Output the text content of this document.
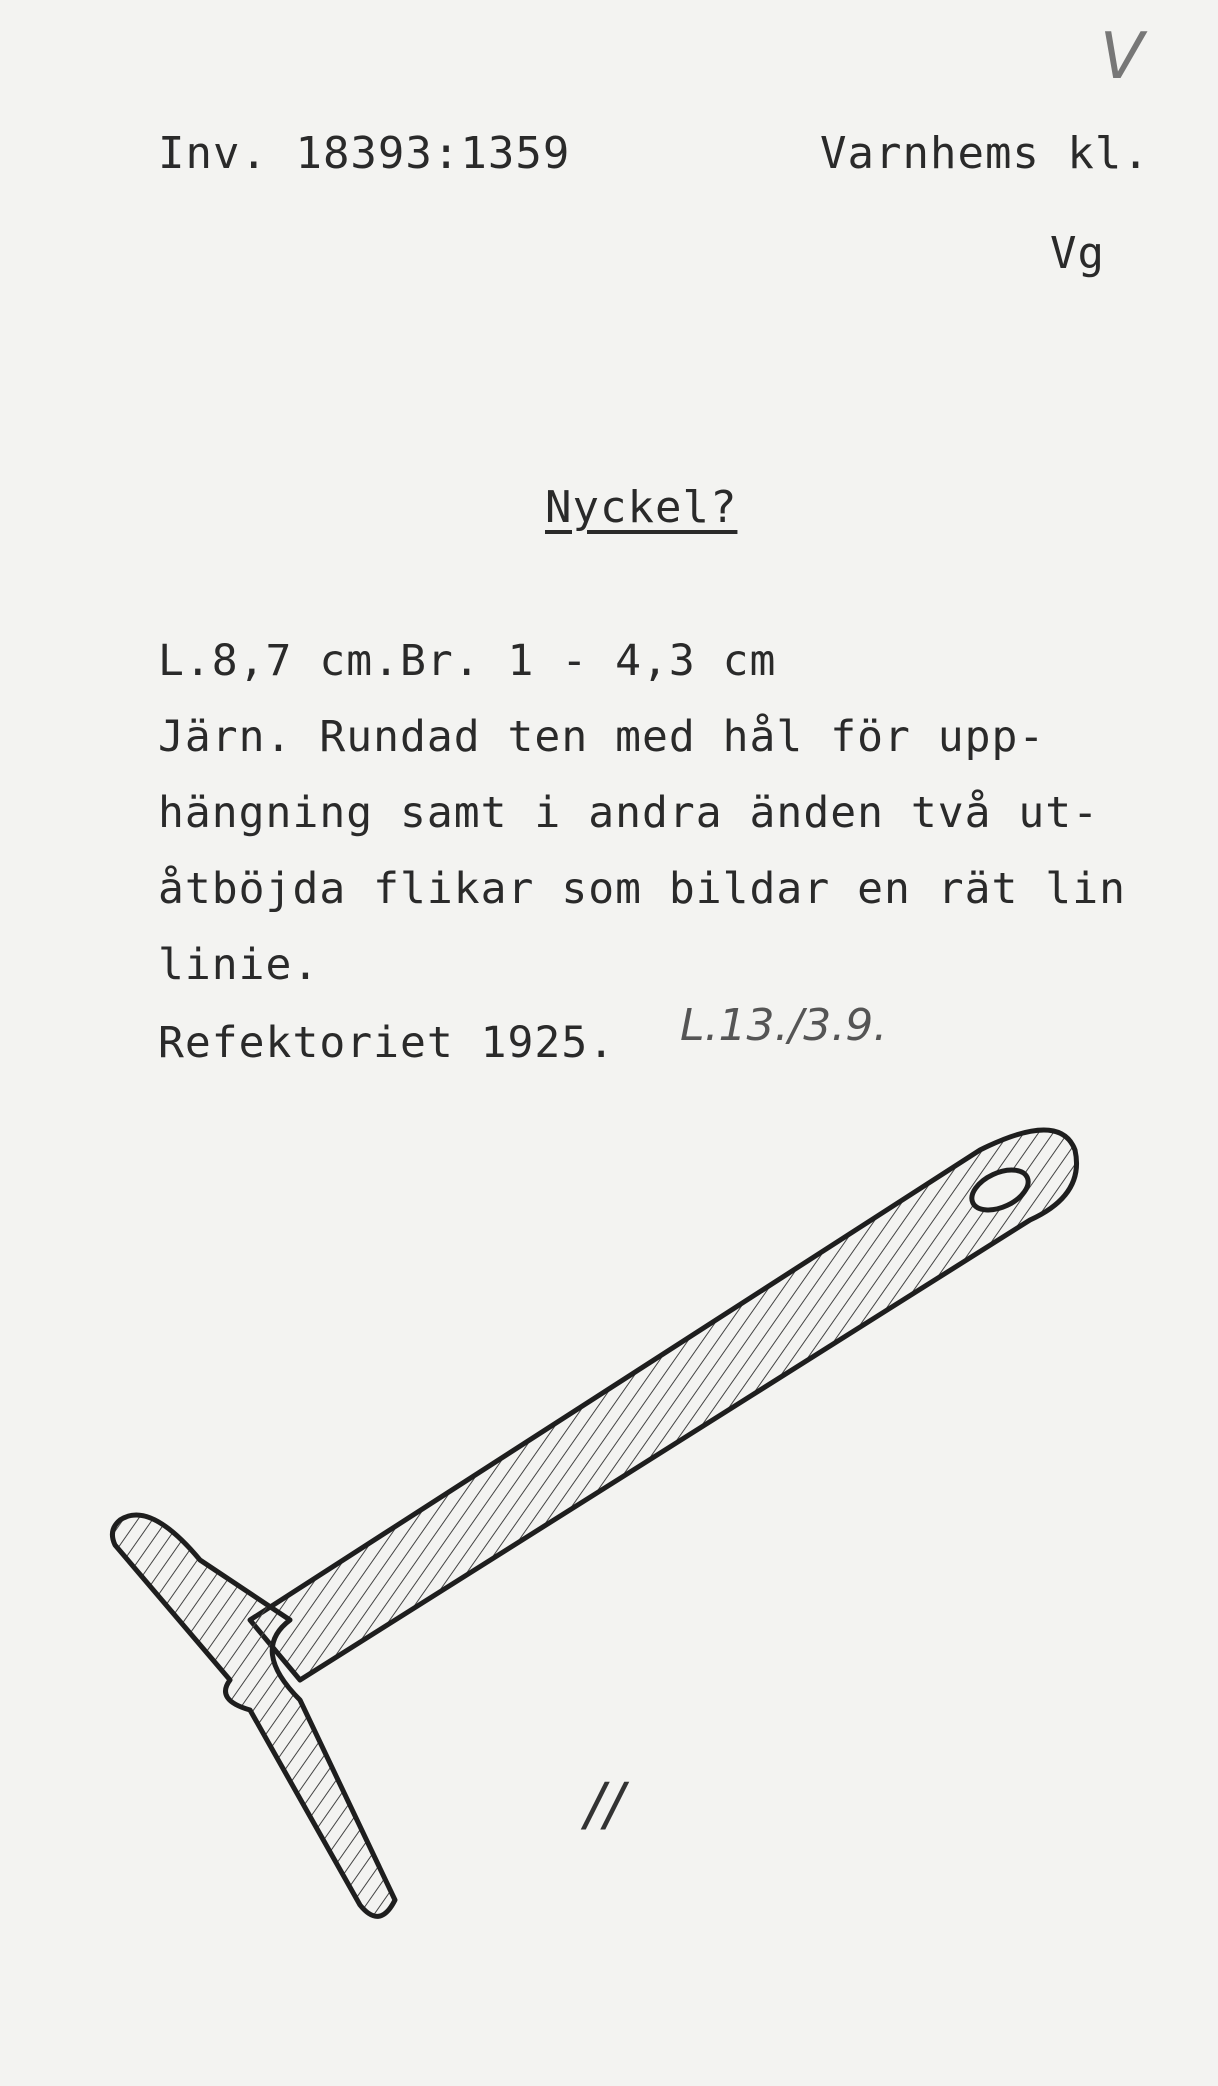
V
Inv. 18393:1359	Varnhems kl.
Vg
Nyckel?
L.8,7 cm.Br. 1 - 4,3 cm
Järn. Rundad ten med hål för upp-
hängning samt i andra änden två ut-
åtböjda flikar som bildar en rät lin
linie.
Refektoriet 1925. L.13./3.9.
//
